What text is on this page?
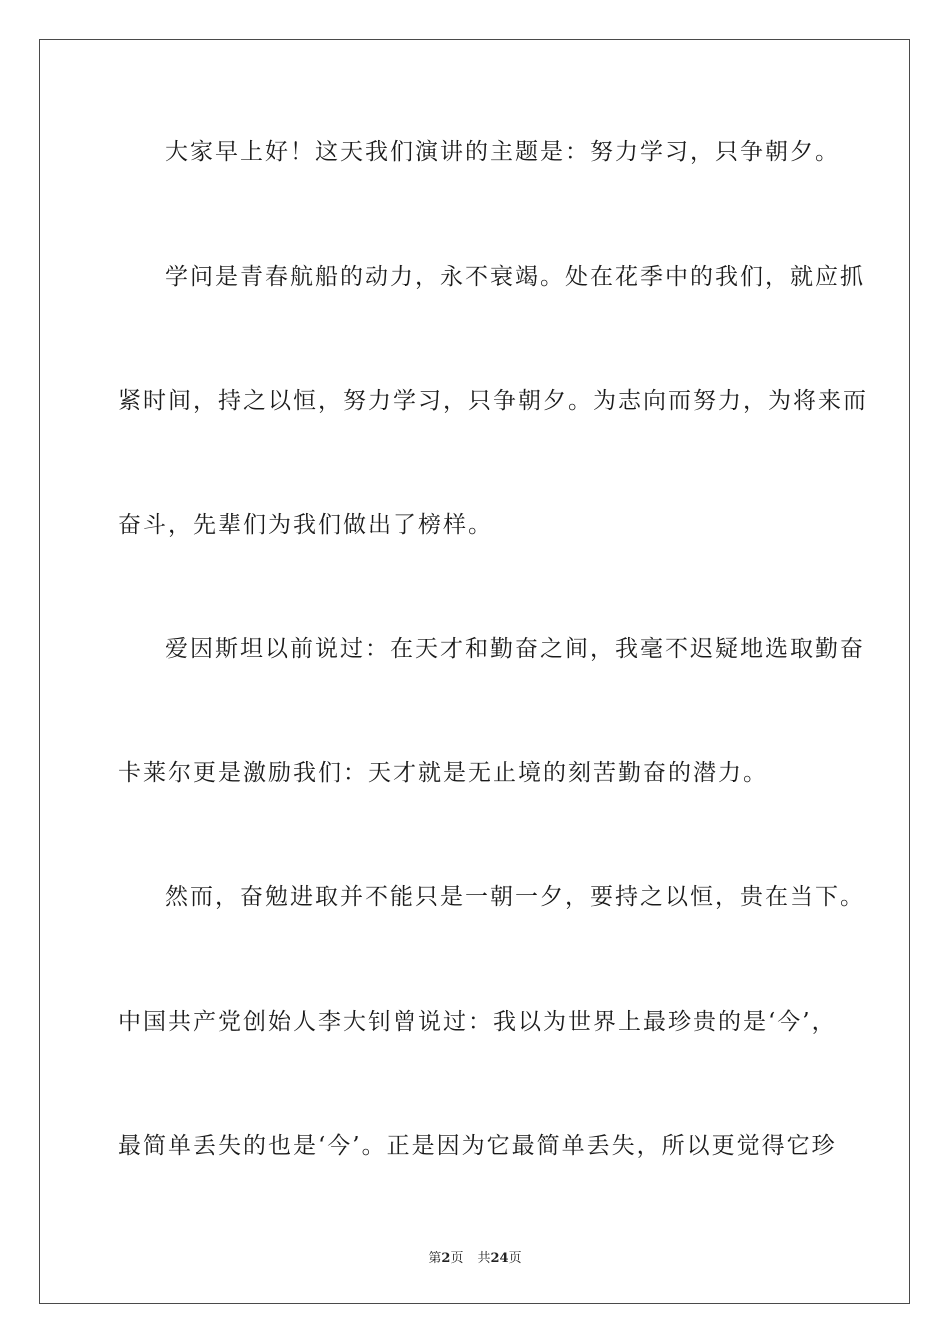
大家早上好！这天我们演讲的主题是：努力学习，只争朝夕。
学问是青春航船的动力，永不衰竭。处在花季中的我们，就应抓
紧时间，持之以恒，努力学习，只争朝夕。为志向而努力，为将来而
奋斗，先辈们为我们做出了榜样。
爱因斯坦以前说过：在天才和勤奋之间，我毫不迟疑地选取勤奋
卡莱尔更是激励我们：天才就是无止境的刻苦勤奋的潜力。
然而，奋勉进取并不能只是一朝一夕，要持之以恒，贵在当下。
中国共产党创始人李大钊曾说过：我以为世界上最珍贵的是‘今’，
最简单丢失的也是‘今’。正是因为它最简单丢失，所以更觉得它珍
第2页 共24页
